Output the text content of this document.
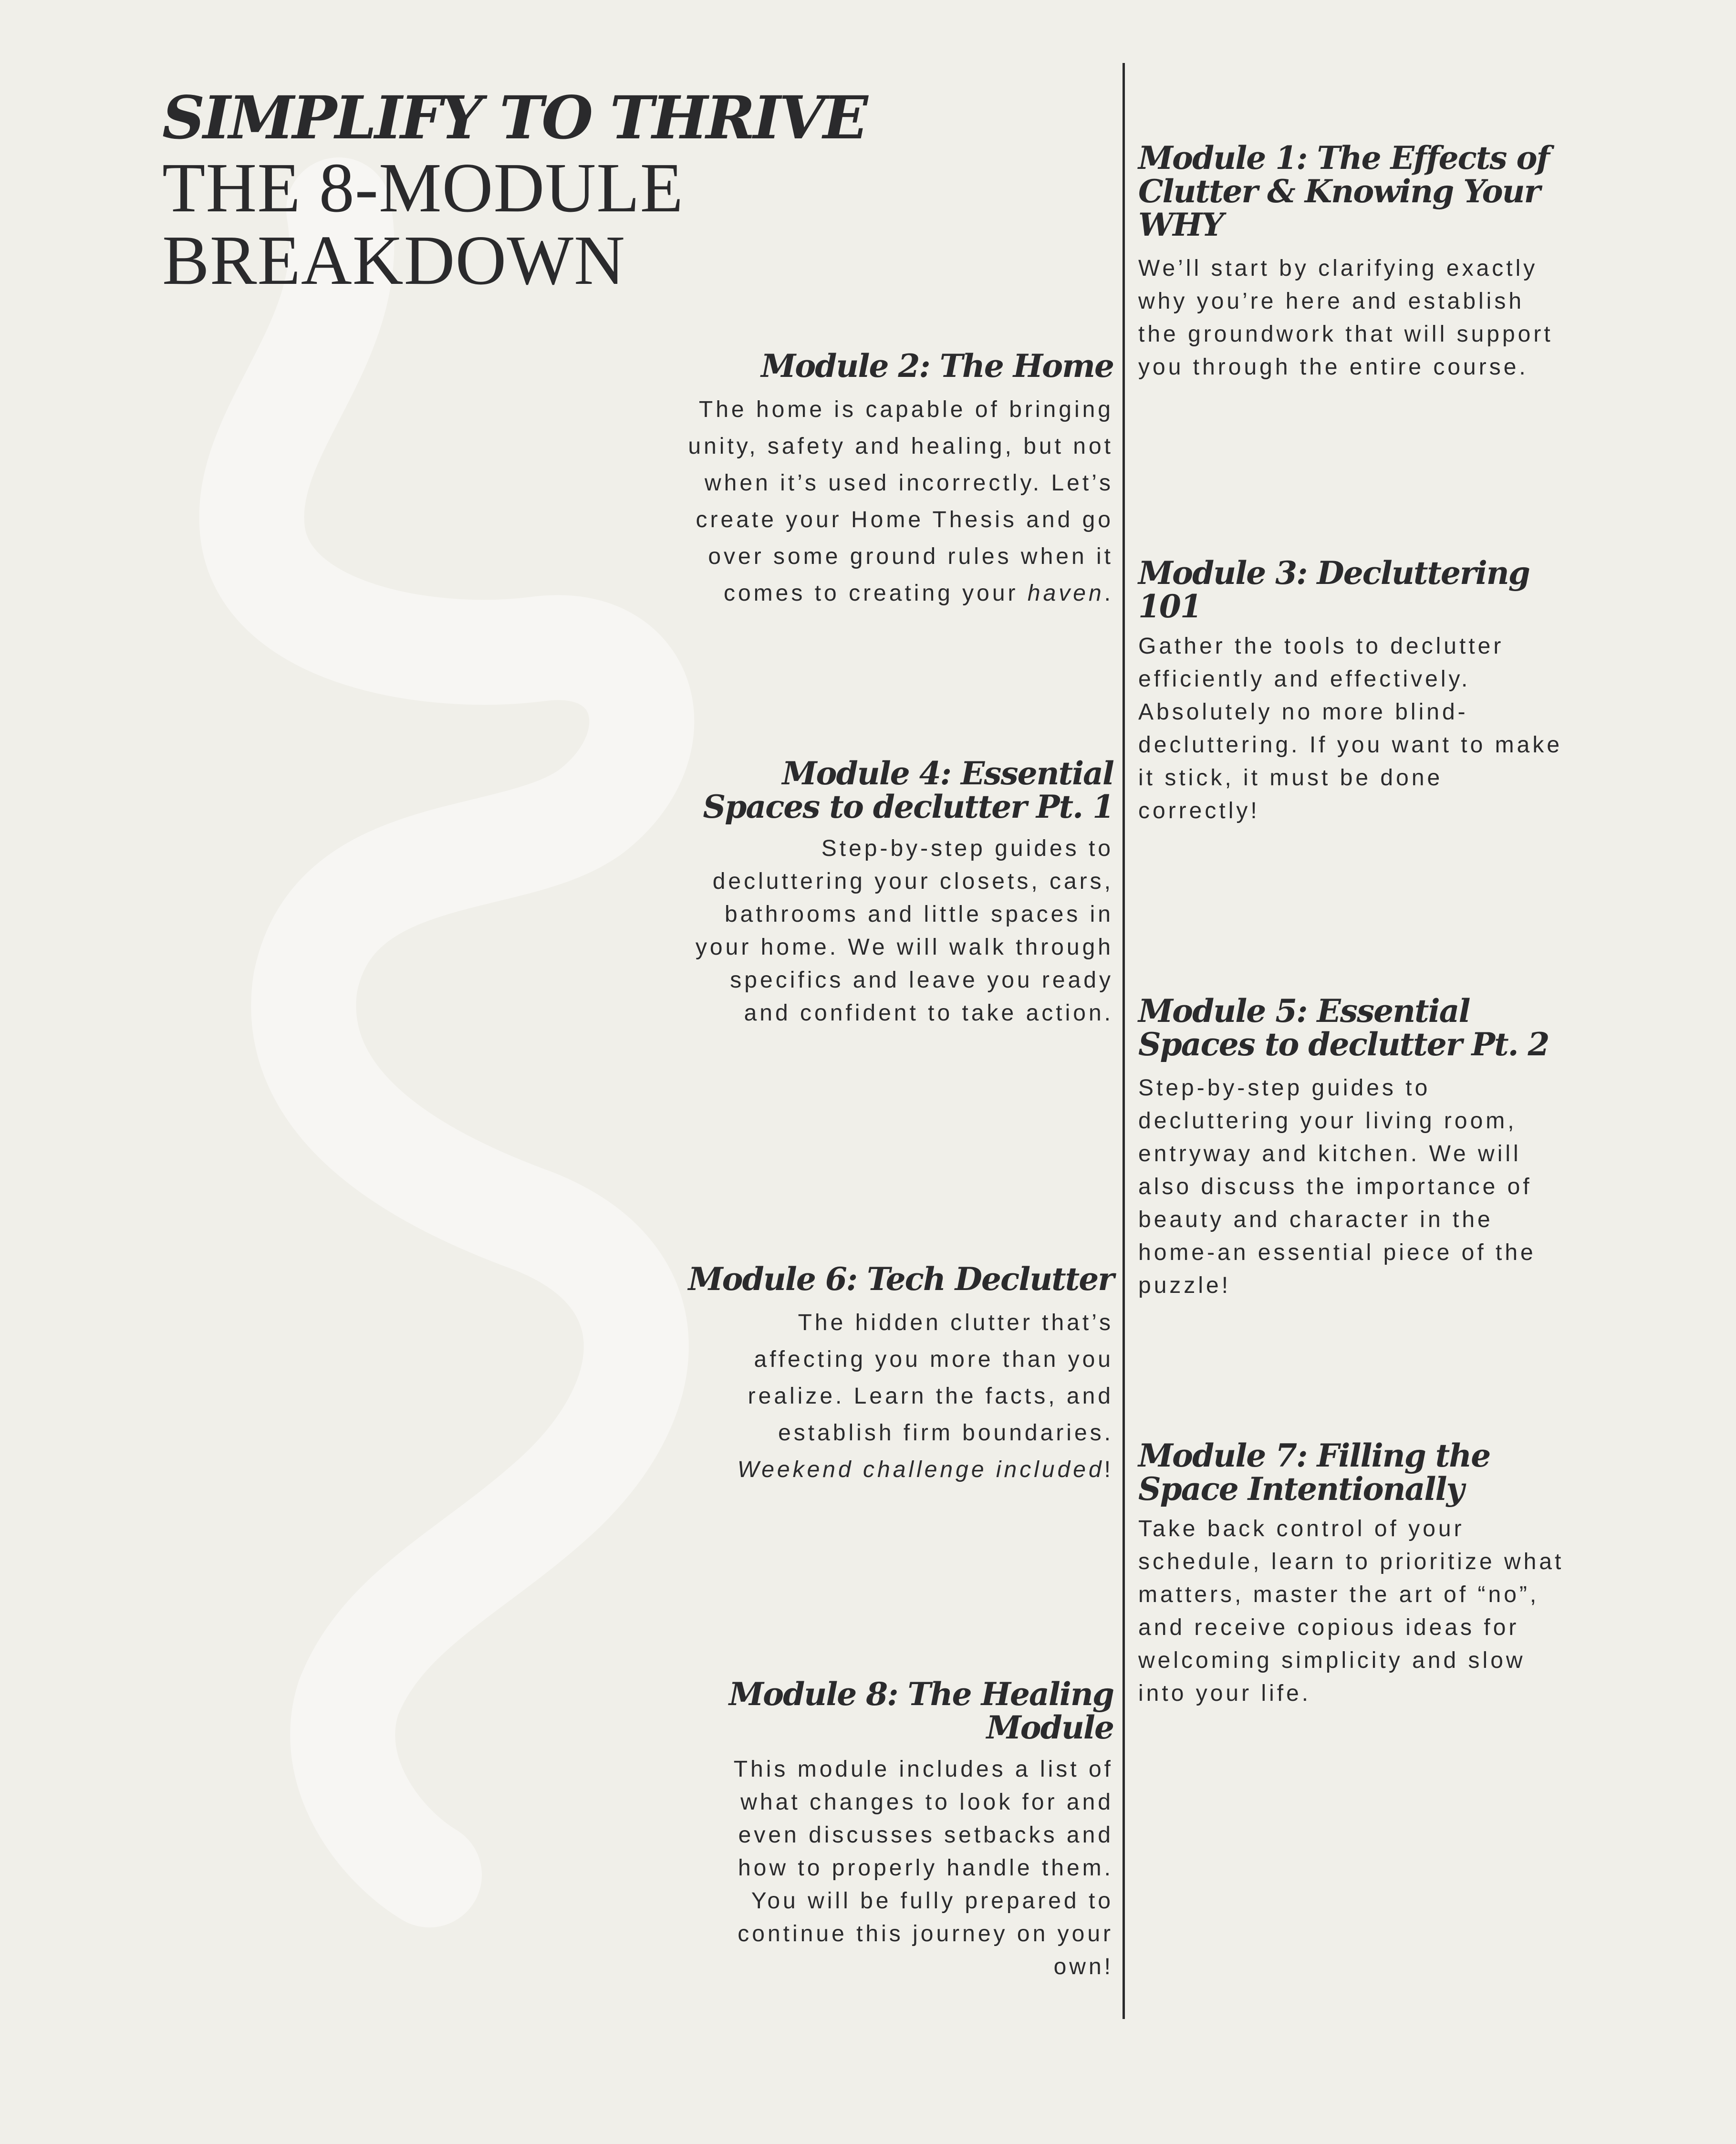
SIMPLIFY TO THRIVE
THE 8-MODULE BREAKDOWN
Module 1: The Effects of Clutter & Knowing Your WHY
We’ll start by clarifying exactly why you’re here and establish the groundwork that will support you through the entire course.
Module 2: The Home
The home is capable of bringing unity, safety and healing, but not when it’s used incorrectly. Let’s create your Home Thesis and go over some ground rules when it comes to creating your haven.
Module 3: Decluttering 101
Gather the tools to declutter efficiently and effectively. Absolutely no more blind-decluttering. If you want to make it stick, it must be done correctly!
Module 4: Essential Spaces to declutter Pt. 1
Step-by-step guides to decluttering your closets, cars, bathrooms and little spaces in your home. We will walk through specifics and leave you ready and confident to take action. Module 5: Essential Spaces to declutter Pt. 2
Step-by-step guides to decluttering your living room, entryway and kitchen. We will also discuss the importance of beauty and character in the home-an essential piece of the puzzle!
Module 6: Tech Declutter
The hidden clutter that’s affecting you more than you realize. Learn the facts, and establish firm boundaries. Weekend challenge included! Module 7: Filling the Space Intentionally
Take back control of your schedule, learn to prioritize what matters, master the art of “no”, and receive copious ideas for welcoming simplicity and slow into your life.
Module 8: The Healing Module
This module includes a list of what changes to look for and even discusses setbacks and how to properly handle them. You will be fully prepared to continue this journey on your own!
